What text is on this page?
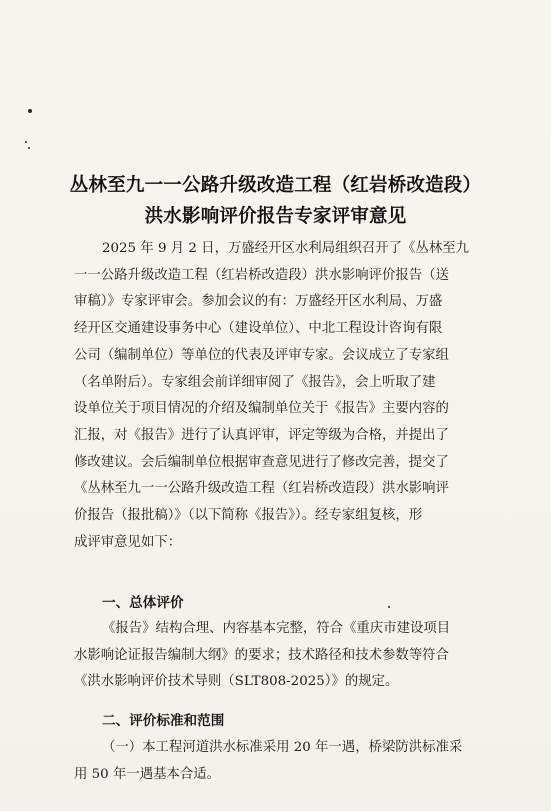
丛林至九一一公路升级改造工程（红岩桥改造段）
洪水影响评价报告专家评审意见
2025 年 9 月 2 日，万盛经开区水利局组织召开了《丛林至九
一一公路升级改造工程（红岩桥改造段）洪水影响评价报告（送
审稿）》专家评审会。参加会议的有：万盛经开区水利局、万盛
经开区交通建设事务中心（建设单位）、中北工程设计咨询有限
公司（编制单位）等单位的代表及评审专家。会议成立了专家组
（名单附后）。专家组会前详细审阅了《报告》，会上听取了建
设单位关于项目情况的介绍及编制单位关于《报告》主要内容的
汇报，对《报告》进行了认真评审，评定等级为合格，并提出了
修改建议。会后编制单位根据审查意见进行了修改完善，提交了
《丛林至九一一公路升级改造工程（红岩桥改造段）洪水影响评
价报告（报批稿）》（以下简称《报告》）。经专家组复核，形
成评审意见如下：
一、总体评价
《报告》结构合理、内容基本完整，符合《重庆市建设项目
水影响论证报告编制大纲》的要求；技术路径和技术参数等符合
《洪水影响评价技术导则（SLT808-2025）》的规定。
二、评价标准和范围
（一）本工程河道洪水标准采用 20 年一遇，桥梁防洪标准采
用 50 年一遇基本合适。
